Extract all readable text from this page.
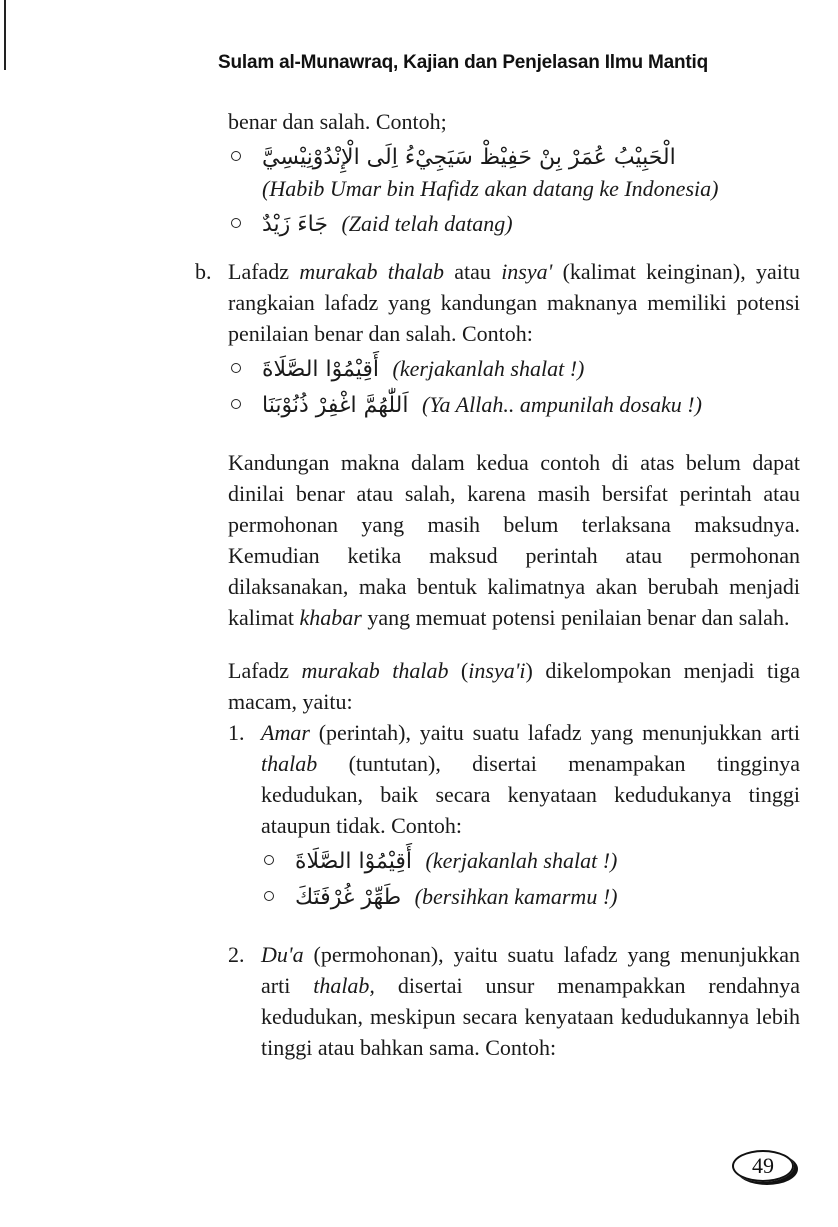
Sulam al-Munawraq, Kajian dan Penjelasan Ilmu Mantiq

benar dan salah. Contoh;

الْحَبِيْبُ عُمَرْ بِنْ حَفِيْظْ سَيَجِيْءُ اِلَى الْإِنْدُوْنِيْسِيَّ
(Habib Umar bin Hafidz akan datang ke Indonesia)
جَاءَ زَيْدٌ (Zaid telah datang)
b. Lafadz murakab thalab atau insya' (kalimat keinginan), yaitu rangkaian lafadz yang kandungan maknanya memiliki potensi penilaian benar dan salah. Contoh:

أَقِيْمُوْا الصَّلَاةَ (kerjakanlah shalat !)
اَللّٰهُمَّ اغْفِرْ ذُنُوْبَنَا (Ya Allah.. ampunilah dosaku !)

Kandungan makna dalam kedua contoh di atas belum dapat dinilai benar atau salah, karena masih bersifat perintah atau permohonan yang masih belum terlaksana maksudnya. Kemudian ketika maksud perintah atau permohonan dilaksanakan, maka bentuk kalimatnya akan berubah menjadi kalimat khabar yang memuat potensi penilaian benar dan salah.

Lafadz murakab thalab (insya'i) dikelompokan menjadi tiga macam, yaitu:

1. Amar (perintah), yaitu suatu lafadz yang menunjukkan arti thalab (tuntutan), disertai menampakan tingginya kedudukan, baik secara kenyataan kedudukanya tinggi ataupun tidak. Contoh:

أَقِيْمُوْا الصَّلَاةَ (kerjakanlah shalat !)
طَهِّرْ غُرْفَتَكَ (bersihkan kamarmu !)
2. Du'a (permohonan), yaitu suatu lafadz yang menunjukkan arti thalab, disertai unsur menampakkan rendahnya kedudukan, meskipun secara kenyataan kedudukannya lebih tinggi atau bahkan sama. Contoh:

49
